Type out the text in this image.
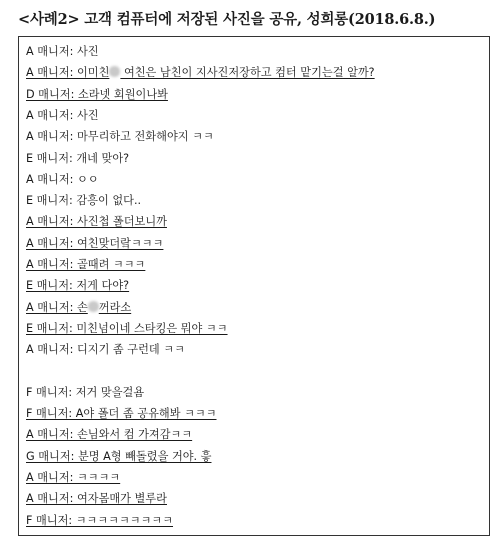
<사례2> 고객 컴퓨터에 저장된 사진을 공유, 성희롱(2018.6.8.)
A 매니저: 사진
A 매니저: 이미친 여친은 남친이 지사진저장하고 컴터 맡기는걸 알까?
D 매니저: 소라넷 회원이나봐
A 매니저: 사진
A 매니저: 마무리하고 전화해야지 ㅋㅋ
E 매니저: 개네 맞아?
A 매니저: ㅇㅇ
E 매니저: 감흥이 없다..
A 매니저: 사진첩 폴더보니까
A 매니저: 여친맞더랔ㅋㅋㅋ
A 매니저: 골때려 ㅋㅋㅋ
E 매니저: 저게 다야?
A 매니저: 손 꺼라소
E 매니저: 미친넘이네 스타킹은 뭐야 ㅋㅋ
A 매니저: 디지기 좀 구런데 ㅋㅋ
F 매니저: 저거 맞을걸욤
F 매니저: A야 폴더 좀 공유해봐 ㅋㅋㅋ
A 매니저: 손님와서 컴 가져감ㅋㅋ
G 매니저: 분명 A형 빼돌렸을 거야. 흫
A 매니저: ㅋㅋㅋㅋ
A 매니저: 여자몸매가 별루라
F 매니저: ㅋㅋㅋㅋㅋㅋㅋㅋㅋ
